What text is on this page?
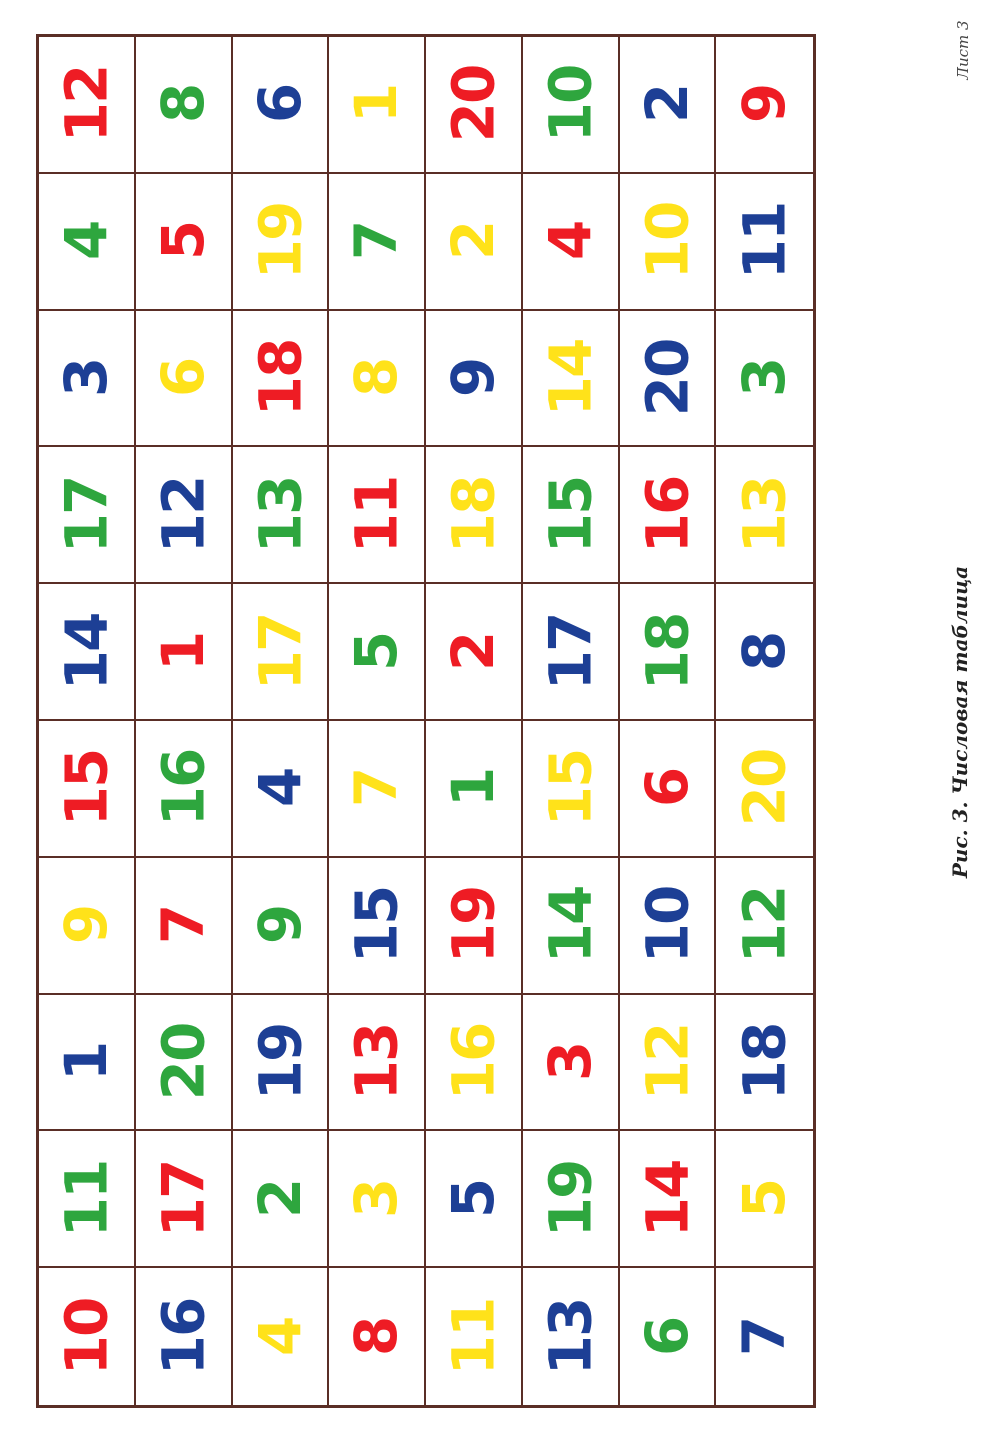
12 8 6 1 20 10 2 9
4 5 19 7 2 4 10 11
3 6 18 8 9 14 20 3
17 12 13 11 18 15 16 13
14 1 17 5 2 17 18 8
15 16 4 7 1 15 6 20
9 7 9 15 19 14 10 12
1 20 19 13 16 3 12 18
11 17 2 3 5 19 14 5
10 16 4 8 11 13 6 7
Рис. 3. Числовая таблица
Лист 3
